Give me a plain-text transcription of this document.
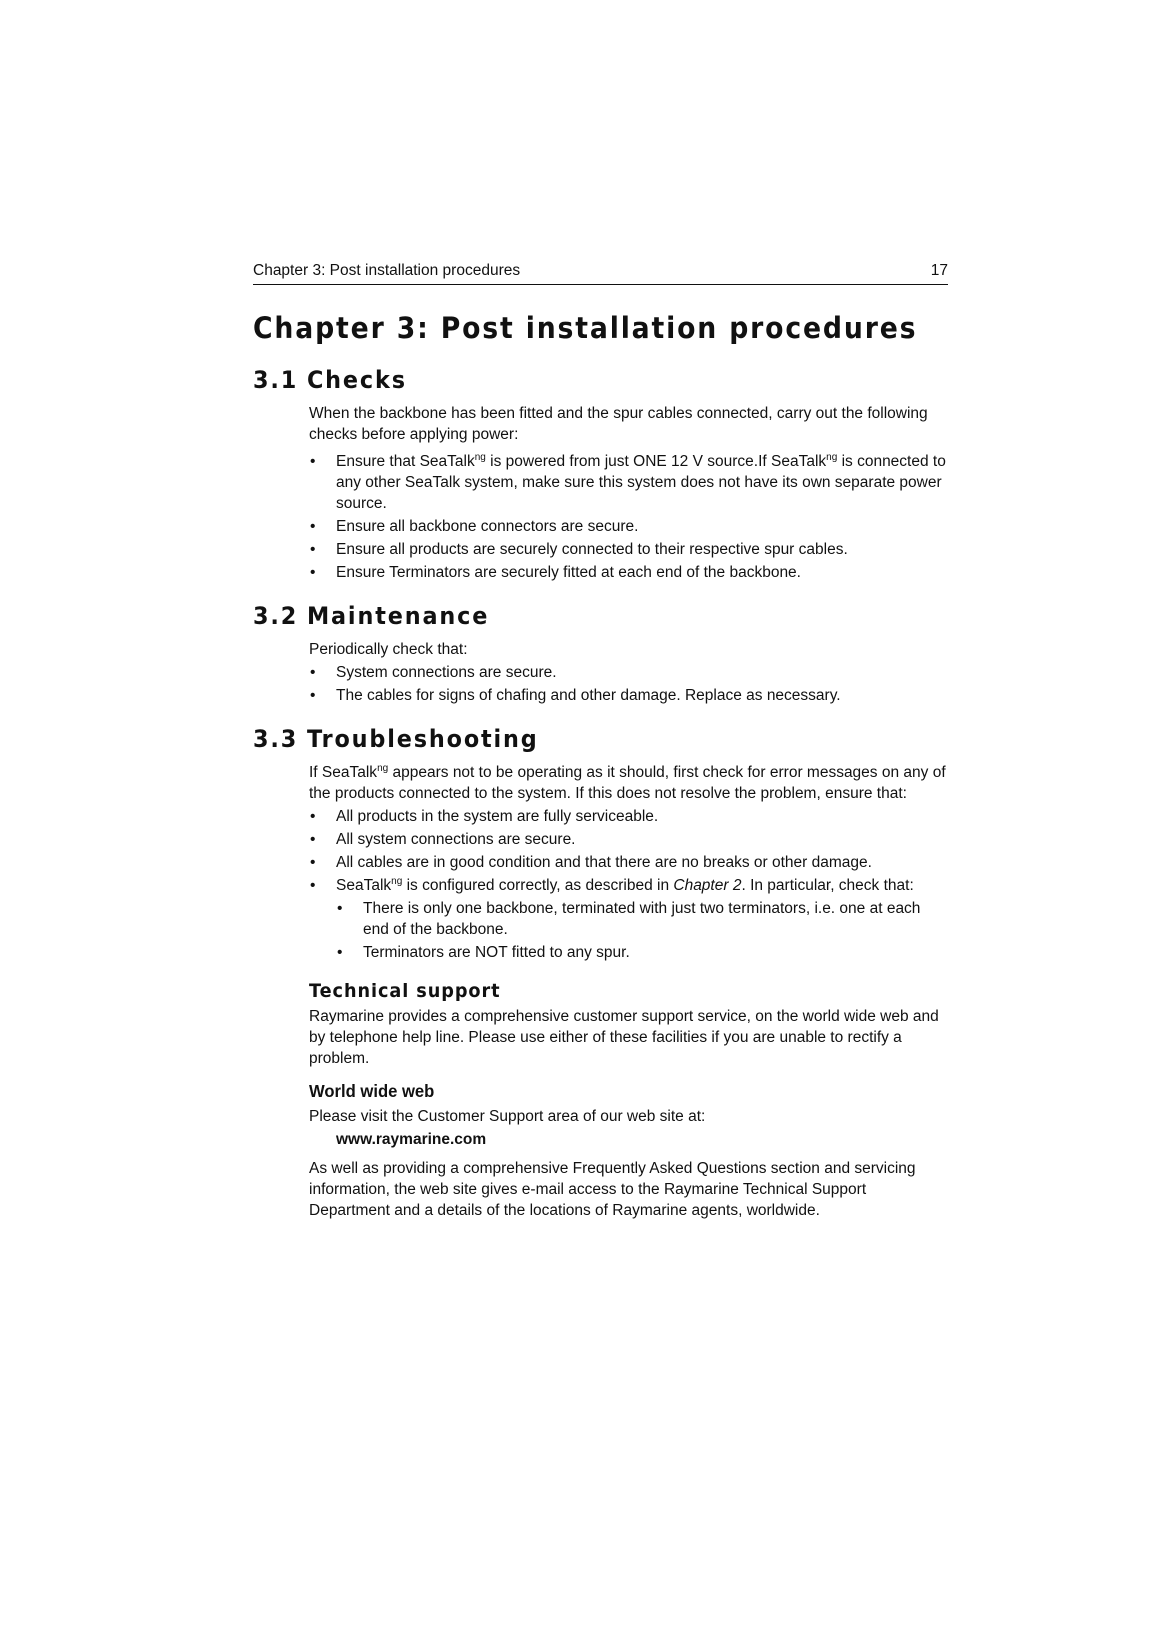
Chapter 3: Post installation procedures	17
Chapter 3: Post installation procedures
3.1 Checks

When the backbone has been fitted and the spur cables connected, carry out the following checks before applying power:

• Ensure that SeaTalk$^{ng}$ is powered from just ONE 12 V source.If SeaTalk$^{ng}$ is connected to any other SeaTalk system, make sure this system does not have its own separate power source.
• Ensure all backbone connectors are secure.
• Ensure all products are securely connected to their respective spur cables.
• Ensure Terminators are securely fitted at each end of the backbone.
3.2 Maintenance

Periodically check that:

• System connections are secure.
• The cables for signs of chafing and other damage. Replace as necessary.
3.3 Troubleshooting

If SeaTalk$^{ng}$ appears not to be operating as it should, first check for error messages on any of the products connected to the system. If this does not resolve the problem, ensure that:

• All products in the system are fully serviceable.
• All system connections are secure.
• All cables are in good condition and that there are no breaks or other damage.
• SeaTalk$^{ng}$ is configured correctly, as described in Chapter 2. In particular, check that:
• There is only one backbone, terminated with just two terminators, i.e. one at each end of the backbone.
• Terminators are NOT fitted to any spur.
Technical support

Raymarine provides a comprehensive customer support service, on the world wide web and by telephone help line. Please use either of these facilities if you are unable to rectify a problem.

World wide web

Please visit the Customer Support area of our web site at:

www.raymarine.com

As well as providing a comprehensive Frequently Asked Questions section and servicing information, the web site gives e-mail access to the Raymarine Technical Support Department and a details of the locations of Raymarine agents, worldwide.
